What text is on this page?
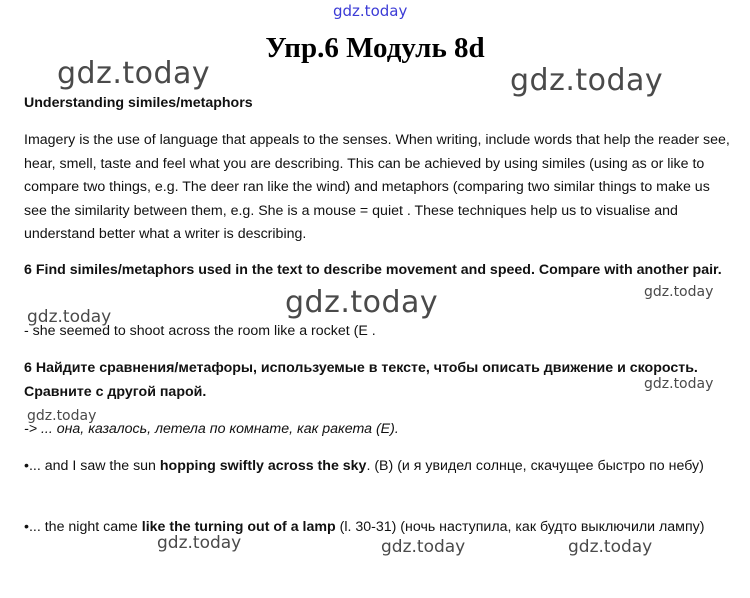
gdz.today
Упр.6 Модуль 8d
gdz.today	gdz.today
Understanding similes/metaphors
Imagery is the use of language that appeals to the senses. When writing, include words that help the reader see, hear, smell, taste and feel what you are describing. This can be achieved by using similes (using as or like to compare two things, e.g. The deer ran like the wind) and metaphors (comparing two similar things to make us see the similarity between them, e.g. She is a mouse = quiet . These techniques help us to visualise and understand better what a writer is describing.
6 Find similes/metaphors used in the text to describe movement and speed. Compare with another pair.
gdz.today	gdz.today
gdz.today
- she seemed to shoot across the room like a rocket (E .
6 Найдите сравнения/метафоры, используемые в тексте, чтобы описать движение и скорость. Сравните с другой парой.	gdz.today
gdz.today
-> ... она, казалось, летела по комнате, как ракета (E).
•... and I saw the sun hopping swiftly across the sky. (B) (и я увидел солнце, скачущее быстро по небу)
•... the night came like the turning out of a lamp (l. 30-31) (ночь наступила, как будто выключили лампу)
gdz.today	gdz.today	gdz.today
